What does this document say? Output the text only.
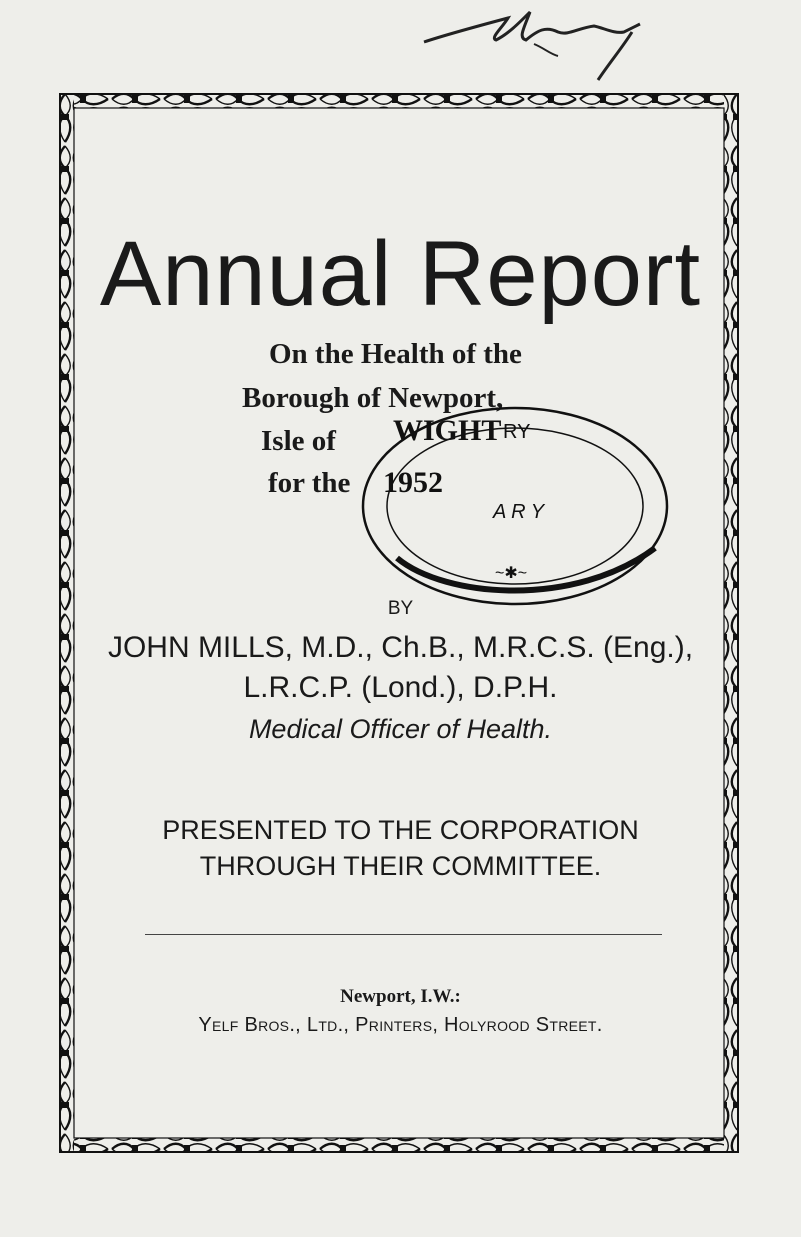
Annual Report
On the Health of the
Borough of Newport,
Isle of
for the
WIGHT RY
1952
A R Y
~✱~
BY
JOHN MILLS, M.D., Ch.B., M.R.C.S. (Eng.),
L.R.C.P. (Lond.), D.P.H.
Medical Officer of Health.
PRESENTED TO THE CORPORATION
THROUGH THEIR COMMITTEE.
Newport, I.W.:
Yelf Bros., Ltd., Printers, Holyrood Street.
